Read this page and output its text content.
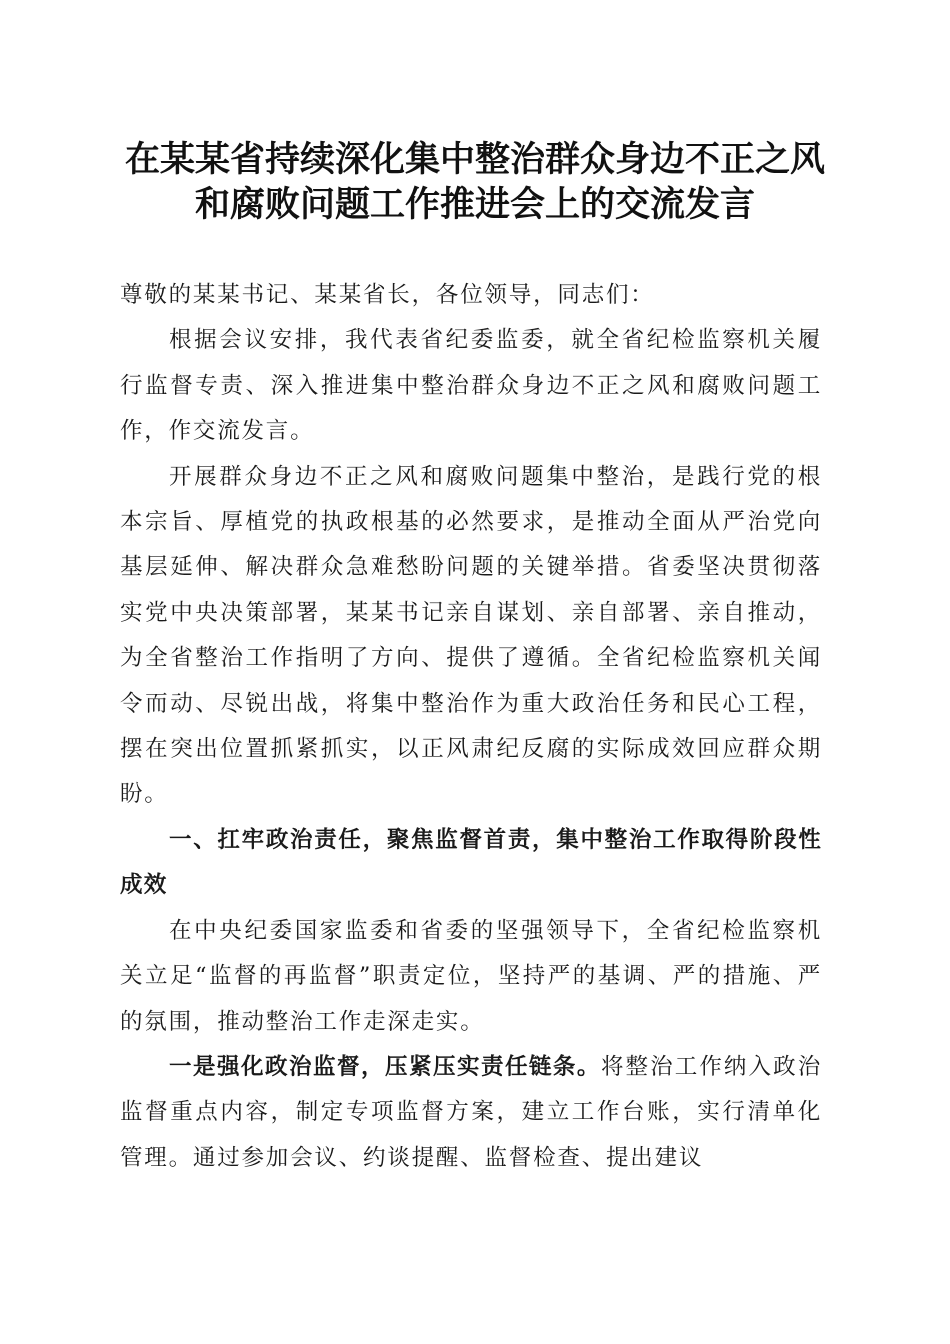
在某某省持续深化集中整治群众身边不正之风
和腐败问题工作推进会上的交流发言

尊敬的某某书记、某某省长，各位领导，同志们：

根据会议安排，我代表省纪委监委，就全省纪检监察机关履行监督专责、深入推进集中整治群众身边不正之风和腐败问题工作，作交流发言。

开展群众身边不正之风和腐败问题集中整治，是践行党的根本宗旨、厚植党的执政根基的必然要求，是推动全面从严治党向基层延伸、解决群众急难愁盼问题的关键举措。省委坚决贯彻落实党中央决策部署，某某书记亲自谋划、亲自部署、亲自推动，为全省整治工作指明了方向、提供了遵循。全省纪检监察机关闻令而动、尽锐出战，将集中整治作为重大政治任务和民心工程，摆在突出位置抓紧抓实，以正风肃纪反腐的实际成效回应群众期盼。

一、扛牢政治责任，聚焦监督首责，集中整治工作取得阶段性成效

在中央纪委国家监委和省委的坚强领导下，全省纪检监察机关立足“监督的再监督”职责定位，坚持严的基调、严的措施、严的氛围，推动整治工作走深走实。

一是强化政治监督，压紧压实责任链条。将整治工作纳入政治监督重点内容，制定专项监督方案，建立工作台账，实行清单化管理。通过参加会议、约谈提醒、监督检查、提出建议
